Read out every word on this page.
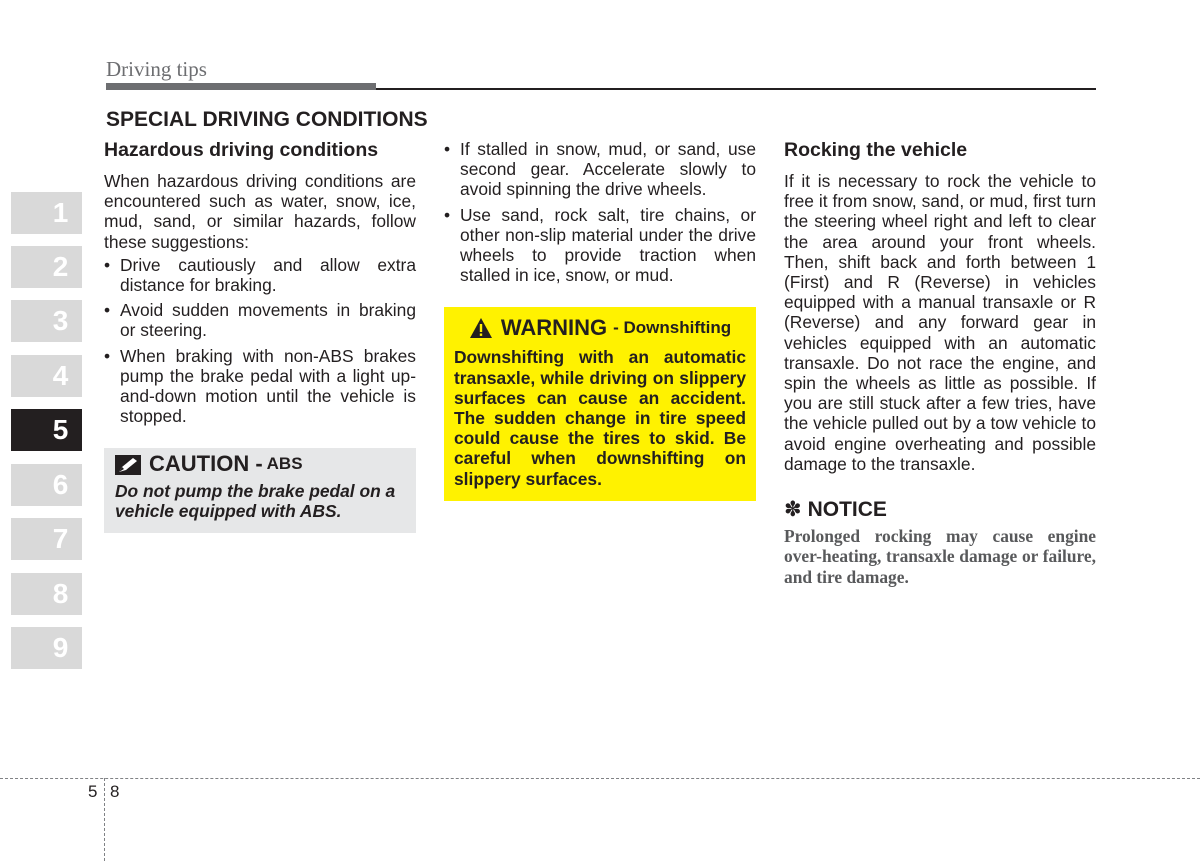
Driving tips
SPECIAL DRIVING CONDITIONS
1
2
3
4
5
6
7
8
9
Hazardous driving conditions

When hazardous driving conditions are encountered such as water, snow, ice, mud, sand, or similar hazards, follow these suggestions:

• Drive cautiously and allow extra distance for braking.
• Avoid sudden movements in braking or steering.
• When braking with non-ABS brakes pump the brake pedal with a light up-and-down motion until the vehicle is stopped.
CAUTION - ABS
Do not pump the brake pedal on a vehicle equipped with ABS.
• If stalled in snow, mud, or sand, use second gear. Accelerate slowly to avoid spinning the drive wheels.
• Use sand, rock salt, tire chains, or other non-slip material under the drive wheels to provide traction when stalled in ice, snow, or mud.
WARNING - Downshifting
Downshifting with an automatic transaxle, while driving on slippery surfaces can cause an accident. The sudden change in tire speed could cause the tires to skid. Be careful when downshifting on slippery surfaces.
Rocking the vehicle

If it is necessary to rock the vehicle to free it from snow, sand, or mud, first turn the steering wheel right and left to clear the area around your front wheels. Then, shift back and forth between 1 (First) and R (Reverse) in vehicles equipped with a manual transaxle or R (Reverse) and any forward gear in vehicles equipped with an automatic transaxle. Do not race the engine, and spin the wheels as little as possible. If you are still stuck after a few tries, have the vehicle pulled out by a tow vehicle to avoid engine overheating and possible damage to the transaxle.

✽ NOTICE
Prolonged rocking may cause engine over-heating, transaxle damage or failure, and tire damage.
5 8
